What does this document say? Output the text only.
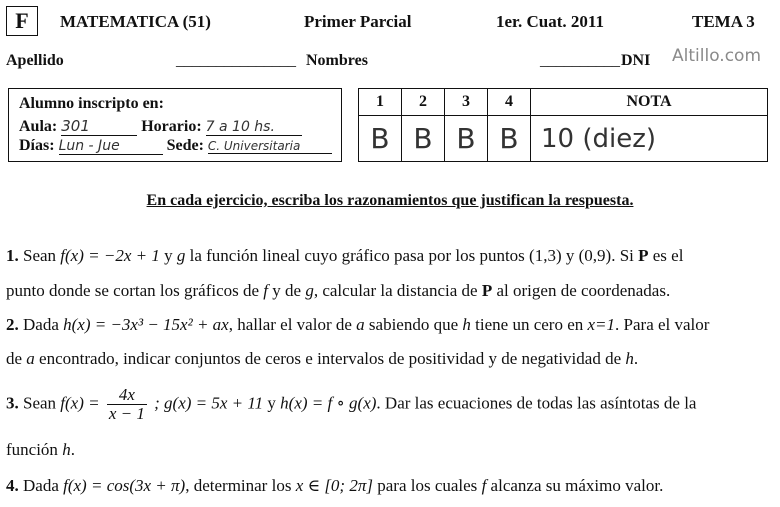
F	MATEMATICA (51)	Primer Parcial	1er. Cuat. 2011	TEMA 3
Apellido	_______________ Nombres	__________ DNI Altillo.com
Alumno inscripto en:
Aula: 301	Horario: 7 a 10 hs.
Días: Lun - Jue	Sede: C. Universitaria
1	2	3	4	NOTA
B	B	B	B	10 (diez)
En cada ejercicio, escriba los razonamientos que justifican la respuesta.
1. Sean f(x) = −2x + 1 y g la función lineal cuyo gráfico pasa por los puntos (1,3) y (0,9). Si P es el
punto donde se cortan los gráficos de f y de g, calcular la distancia de P al origen de coordenadas.
2. Dada h(x) = −3x³ − 15x² + ax, hallar el valor de a sabiendo que h tiene un cero en x=1. Para el valor
de a encontrado, indicar conjuntos de ceros e intervalos de positividad y de negatividad de h.
3. Sean $f(x) = \frac{4x}{x - 1}$ ; g(x) = 5x + 11 y h(x) = f ∘ g(x). Dar las ecuaciones de todas las asíntotas de la
función h.
4. Dada f(x) = cos(3x + π), determinar los x ∈ [0; 2π] para los cuales f alcanza su máximo valor.
